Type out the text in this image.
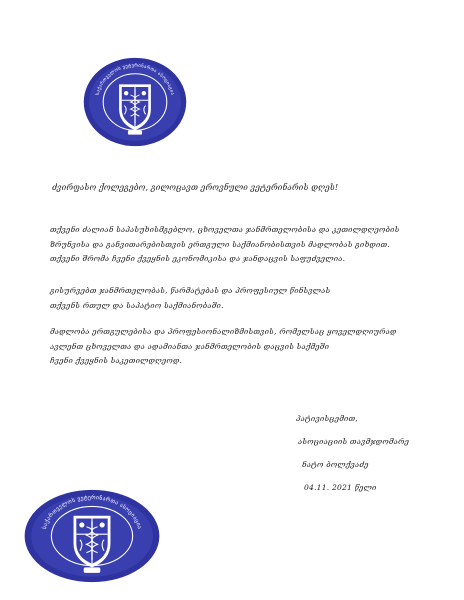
საქართველოს ვეტერინართა ასოციაცია
ძვირფასო ქოლეგებო, გილოცავთ ეროვნული ვეტერინარის დღეს!
თქვენი ძალიან საპასუხისმგებლო, ცხოველთა ჯანმრთელობისა და კეთილდღეობის
ზრუნვისა და განვითარებისთვის ერთგული საქმიანობისთვის მადლობას გიხდით.
თქვენი შრომა ჩვენი ქვეყნის ეკონომიკისა და ჯანდაცვის საფუძველია.
გისურვებთ ჯანმრთელობას, წარმატებას და პროფესიულ წინსვლას
თქვენს რთულ და საპატიო საქმიანობაში.
მადლობა ერთგულებისა და პროფესიონალიზმისთვის, რომელსაც ყოველდღიურად
ავლენთ ცხოველთა და ადამიანთა ჯანმრთელობის დაცვის საქმეში
ჩვენი ქვეყნის საკეთილდღეოდ.
პატივისცემით,
ასოციაციის თავმჯდომარე
ნატო ბოლქვაძე
04.11. 2021 წელი
საქართველოს ვეტერინართა ასოციაცია
